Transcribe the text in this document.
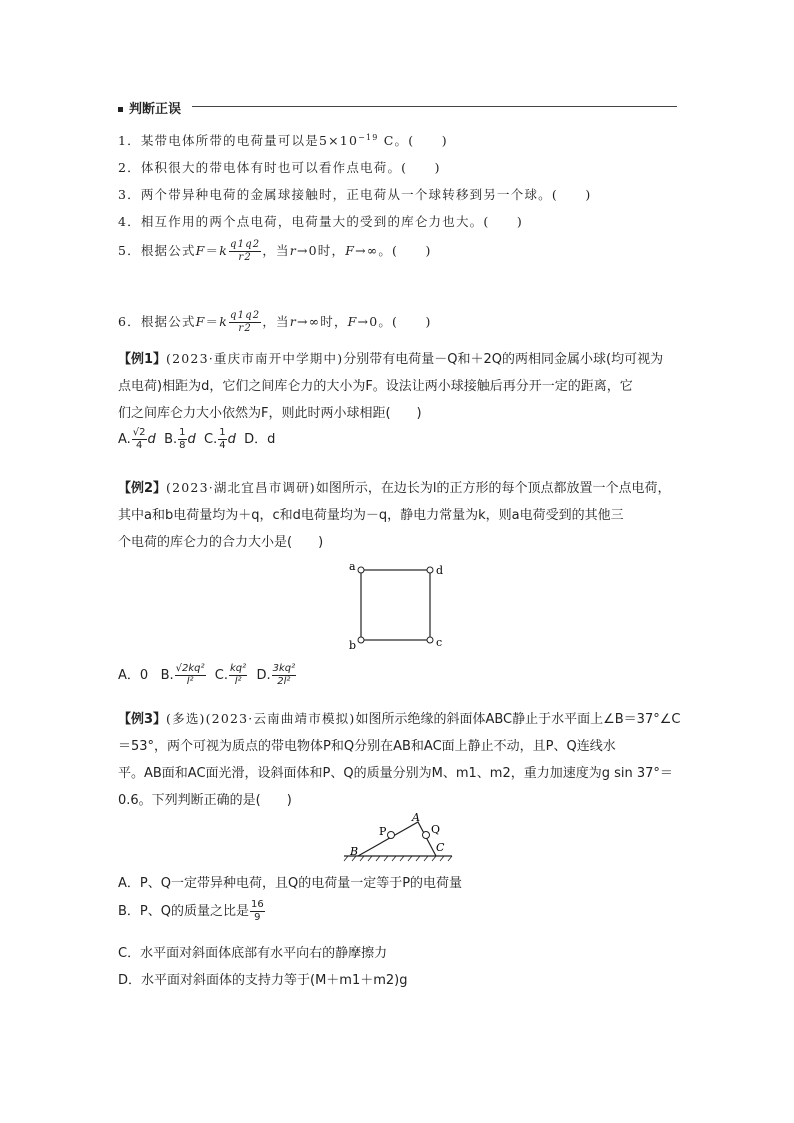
判断正误
1．某带电体所带的电荷量可以是$5\times 10^{-19}$ C。(　　)
2．体积很大的带电体有时也可以看作点电荷。(　　)
3．两个带异种电荷的金属球接触时，正电荷从一个球转移到另一个球。(　　)
4．相互作用的两个点电荷，电荷量大的受到的库仑力也大。(　　)
5．根据公式$F=k \frac{q1q2}{r2}$ ，当r→0时，F→∞。(　　)
6．根据公式$F=k \frac{q1q2}{r2}$ ，当r→∞时，F→0。(　　)
【例1】(2023·重庆市南开中学期中)分别带有电荷量－Q和＋2Q的两相同金属小球(均可视为
点电荷)相距为d，它们之间库仑力的大小为F。设法让两小球接触后再分开一定的距离，它
们之间库仑力大小依然为F，则此时两小球相距(　　)
A. $\frac{√2}{4}$ d B. $\frac{1}{8}$ d C. $\frac{1}{4}$ d D．d
【例2】(2023·湖北宜昌市调研)如图所示，在边长为l的正方形的每个顶点都放置一个点电荷，
其中a和b电荷量均为＋q，c和d电荷量均为－q，静电力常量为k，则a电荷受到的其他三
个电荷的库仑力的合力大小是(　　)
a	d
b	c
A．0 B. $\frac{\text{√2kq²}}{\text{l²}} C$. $\frac{\text{kq²}}{\text{l²}} D$. $\frac{\text{3kq²}}{\text{2l²}}$
【例3】(多选)(2023·云南曲靖市模拟)如图所示绝缘的斜面体ABC静止于水平面上∠B＝37°∠C
＝53°，两个可视为质点的带电物体P和Q分别在AB和AC面上静止不动，且P、Q连线水
平。AB面和AC面光滑，设斜面体和P、Q的质量分别为M、m1、m2，重力加速度为g sin 37°＝
0.6。下列判断正确的是(　　)
P	Q
A
B	C
A．P、Q一定带异种电荷，且Q的电荷量一定等于P的电荷量
B．P、Q的质量之比是 $\frac{16}{9}$
C．水平面对斜面体底部有水平向右的静摩擦力
D．水平面对斜面体的支持力等于(M＋m1＋m2)g
